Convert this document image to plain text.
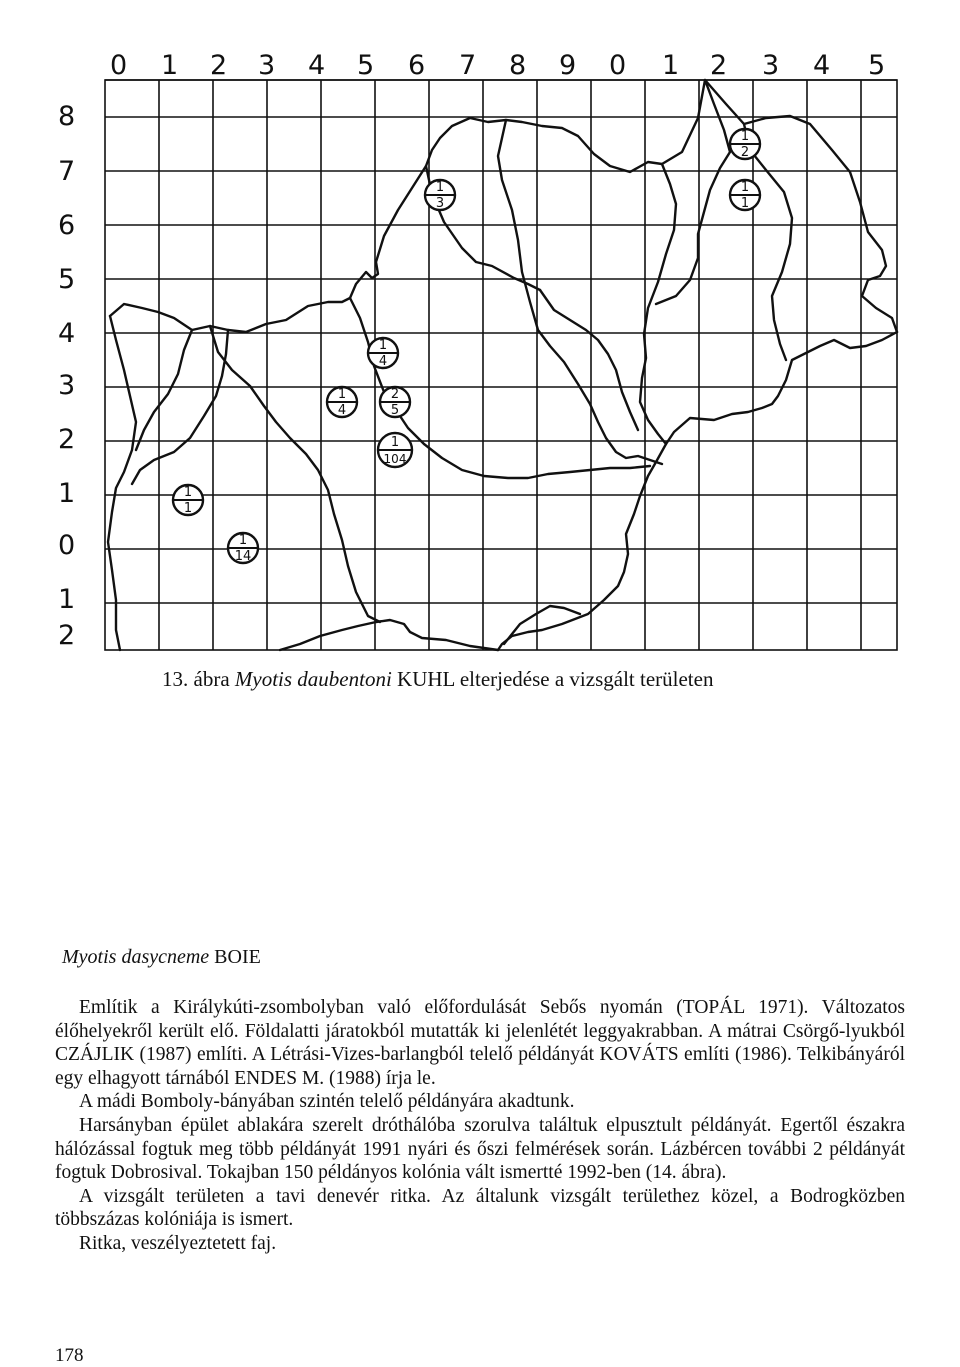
0 1 2 3 4 5 6 7 8 9 0 1 2 3 4 5
8
7
6
5
4
3
2
1
0
1
2
1
3
1
2
1
1
1
4
1
4
2
5
1
104
1
1
1
14
13. ábra Myotis daubentoni KUHL elterjedése a vizsgált területen
Myotis dasycneme BOIE

Említik a Királykúti-zsombolyban való előfordulását Sebős nyomán (TOPÁL 1971). Változatos élőhelyekről került elő. Földalatti járatokból mutatták ki jelenlétét leggyakrabban. A mátrai Csörgő-lyukból CZÁJLIK (1987) említi. A Létrási-Vizes-barlangból telelő példányát KOVÁTS említi (1986). Telkibányáról egy elhagyott tárnából ENDES M. (1988) írja le.

A mádi Bomboly-bányában szintén telelő példányára akadtunk.

Harsányban épület ablakára szerelt dróthálóba szorulva találtuk elpusztult példányát. Egertől északra hálózással fogtuk meg több példányát 1991 nyári és őszi felmérések során. Lázbércen további 2 példányát fogtuk Dobrosival. Tokajban 150 példányos kolónia vált ismertté 1992-ben (14. ábra).

A vizsgált területen a tavi denevér ritka. Az általunk vizsgált területhez közel, a Bodrogközben többszázas kolóniája is ismert.

Ritka, veszélyeztetett faj.

178
